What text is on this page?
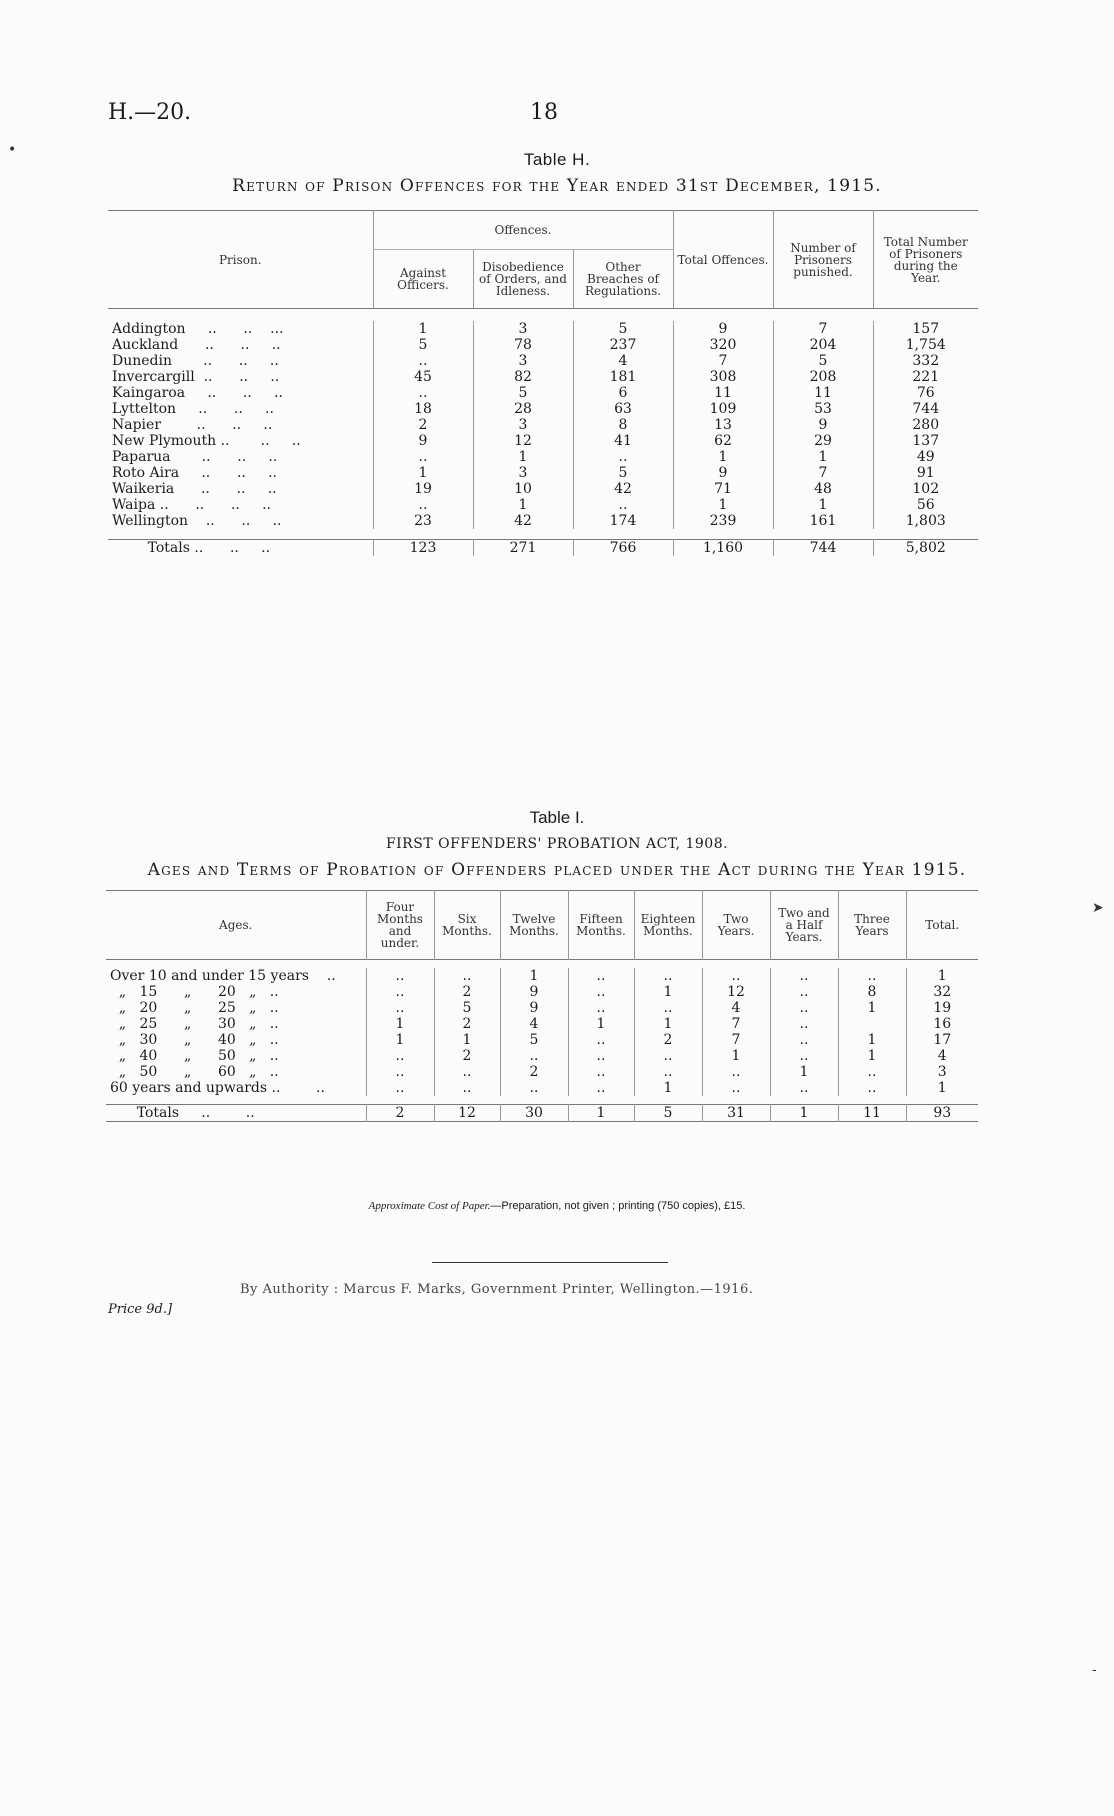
H.—20.	18
•	Table H.
Return of Prison Offences for the Year ended 31st December, 1915.
Prison.	Offences.			Total Offences.	Number of Prisoners punished.	Total Number of Prisoners during the Year.
	Against Officers.	Disobedience of Orders, and Idleness.	Other Breaches of Regulations.			

Addington     ..      ..    ...	1	3	5	9	7	157
Auckland      ..      ..     ..	5	78	237	320	204	1,754
Dunedin       ..      ..     ..	..	3	4	7	5	332
Invercargill  ..      ..     ..	45	82	181	308	208	221
Kaingaroa     ..      ..     ..	..	5	6	11	11	76
Lyttelton     ..      ..     ..	18	28	63	109	53	744
Napier        ..      ..     ..	2	3	8	13	9	280
New Plymouth ..       ..     ..	9	12	41	62	29	137
Paparua       ..      ..     ..	..	1	..	1	1	49
Roto Aira     ..      ..     ..	1	3	5	9	7	91
Waikeria      ..      ..     ..	19	10	42	71	48	102
Waipa ..      ..      ..     ..	..	1	..	1	1	56
Wellington    ..      ..     ..	23	42	174	239	161	1,803

Totals ..      ..     ..	123	271	766	1,160	744	5,802
Table I.
FIRST OFFENDERS' PROBATION ACT, 1908.
Ages and Terms of Probation of Offenders placed under the Act during the Year 1915.
Ages.	Four Months and under.	Six Months.	Twelve Months.	Fifteen Months.	Eighteen Months.	Two Years.	Two and a Half Years.	Three Years	Total.

Over 10 and under 15 years    ..	..	..	1	..	..	..	..	..	1
„   15      „      20   „   ..	..	2	9	..	1	12	..	8	32
„   20      „      25   „   ..	..	5	9	..	..	4	..	1	19
„   25      „      30   „   ..	1	2	4	1	1	7	..		16
„   30      „      40   „   ..	1	1	5	..	2	7	..	1	17
„   40      „      50   „   ..	..	2	..	..	..	1	..	1	4
„   50      „      60   „   ..	..	..	2	..	..	..	1	..	3
60 years and upwards ..        ..	..	..	..	..	1	..	..	..	1

Totals     ..        ..	2	12	30	1	5	31	1	11	93
Approximate Cost of Paper.—Preparation, not given ; printing (750 copies), £15.
Price 9d.]
By Authority : Marcus F. Marks, Government Printer, Wellington.—1916.
➤
-
